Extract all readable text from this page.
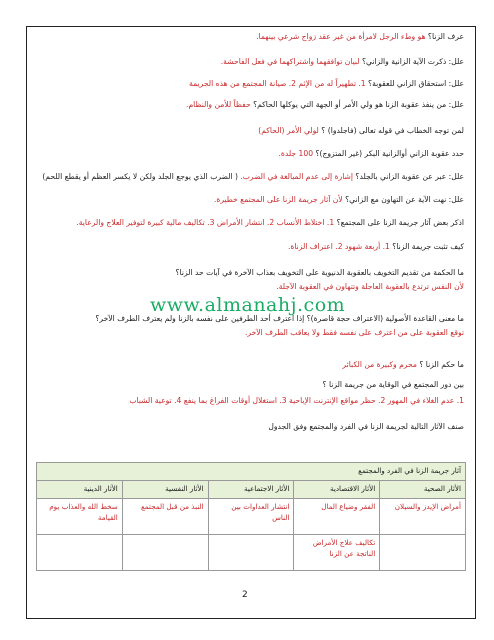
عرف الزنا؟ هو وطء الرجل لامرأة من غير عقد زواج شرعي بينهما.
علل: ذكرت الآية الزانية والزاني؟ لبيان توافقهما واشتراكهما في فعل الفاحشة.
علل: استحقاق الزاني للعقوبة؟ 1. تطهيراً له من الإثم 2. صيانة المجتمع من هذه الجريمة
علل: من ينفذ عقوبة الزنا هو ولي الأمر أو الجهة التي يوكلها الحاكم؟ حفظاً للأمن والنظام.
لمن توجه الخطاب في قوله تعالى (فاجلدوا) ؟ لولي الأمر (الحاكم)
حدد عقوبة الزاني أوالزانية البكر (غير المتزوج)؟ 100 جلدة.
علل: عبر عن عقوبة الزاني بالجلد؟ إشارة إلى عدم المبالغة في الضرب. ( الضرب الذي يوجع الجلد ولكن لا يكسر العظم أو يقطع اللحم)
علل: نهت الآية عن التهاون مع الزاني؟ لأن آثار جريمة الزنا على المجتمع خطيرة.
اذكر بعض آثار جريمة الزنا على المجتمع؟ 1. اختلاط الأنساب 2. انتشار الأمراض 3. تكاليف مالية كبيرة لتوفير العلاج والرعاية.
كيف تثبت جريمة الزنا؟ 1. أربعة شهود 2. اعتراف الزناة.
ما الحكمة من تقديم التخويف بالعقوبة الدنيوية على التخويف بعذاب الآخرة في آيات حد الزنا؟
لأن النفس ترتدع بالعقوبة العاجلة وتتهاون في العقوبة الآجلة.
ما معنى القاعدة الأصولية (الاعتراف حجة قاصرة)؟ إذا اعترف أحد الطرفين على نفسه بالزنا ولم يعترف الطرف الآخر؟
توقع العقوبة على من اعترف على نفسه فقط ولا يعاقب الطرف الآخر.
ما حكم الزنا ؟ محرم وكبيرة من الكبائر
بين دور المجتمع في الوقاية من جريمة الزنا ؟
1. عدم الغلاء في المهور 2. حظر مواقع الإنترنت الإباحية 3. استغلال أوقات الفراغ بما ينفع 4. توعية الشباب
صنف الآثار التالية لجريمة الزنا في الفرد والمجتمع وفق الجدول
www.almanahj.com
آثار جريمة الزنا في الفرد والمجتمع				
الأثار الصحية	الأثار الاقتصادية	الأثار الاجتماعية	الأثار النفسية	الأثار الدينية
أمراض الإيدز والسيلان	الفقر وضياع المال	انتشار العداوات بين الناس	النبذ من قبل المجتمع	سخط الله والعذاب يوم القيامة
	تكاليف علاج الأمراض الناتجة عن الزنا			
2
